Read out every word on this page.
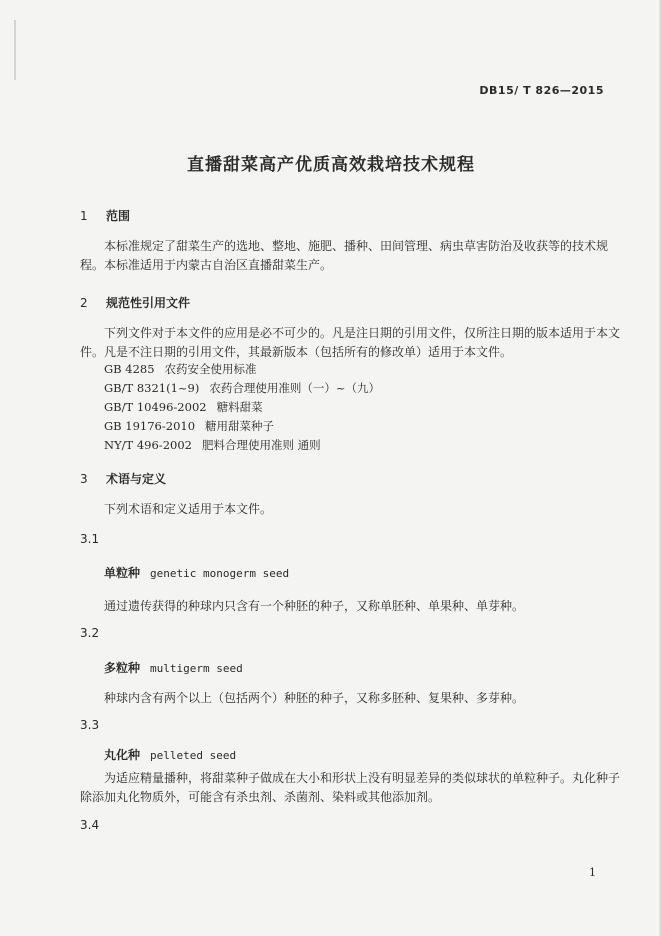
DB15/ T 826—2015
直播甜菜高产优质高效栽培技术规程
1 范围
本标准规定了甜菜生产的选地、整地、施肥、播种、田间管理、病虫草害防治及收获等的技术规程。 本标准适用于内蒙古自治区直播甜菜生产。
2 规范性引用文件
下列文件对于本文件的应用是必不可少的。凡是注日期的引用文件，仅所注日期的版本适用于本文件。凡是不注日期的引用文件，其最新版本（包括所有的修改单）适用于本文件。
GB 4285 农药安全使用标准
GB/T 8321(1~9) 农药合理使用准则（一）~（九）
GB/T 10496-2002 糖料甜菜
GB 19176-2010 糖用甜菜种子
NY/T 496-2002 肥料合理使用准则 通则
3 术语与定义
下列术语和定义适用于本文件。
3.1
单粒种 genetic monogerm seed
通过遗传获得的种球内只含有一个种胚的种子，又称单胚种、单果种、单芽种。
3.2
多粒种 multigerm seed
种球内含有两个以上（包括两个）种胚的种子，又称多胚种、复果种、多芽种。
3.3
丸化种 pelleted seed
为适应精量播种，将甜菜种子做成在大小和形状上没有明显差异的类似球状的单粒种子。丸化种子除添加丸化物质外，可能含有杀虫剂、杀菌剂、染料或其他添加剂。
3.4
1
